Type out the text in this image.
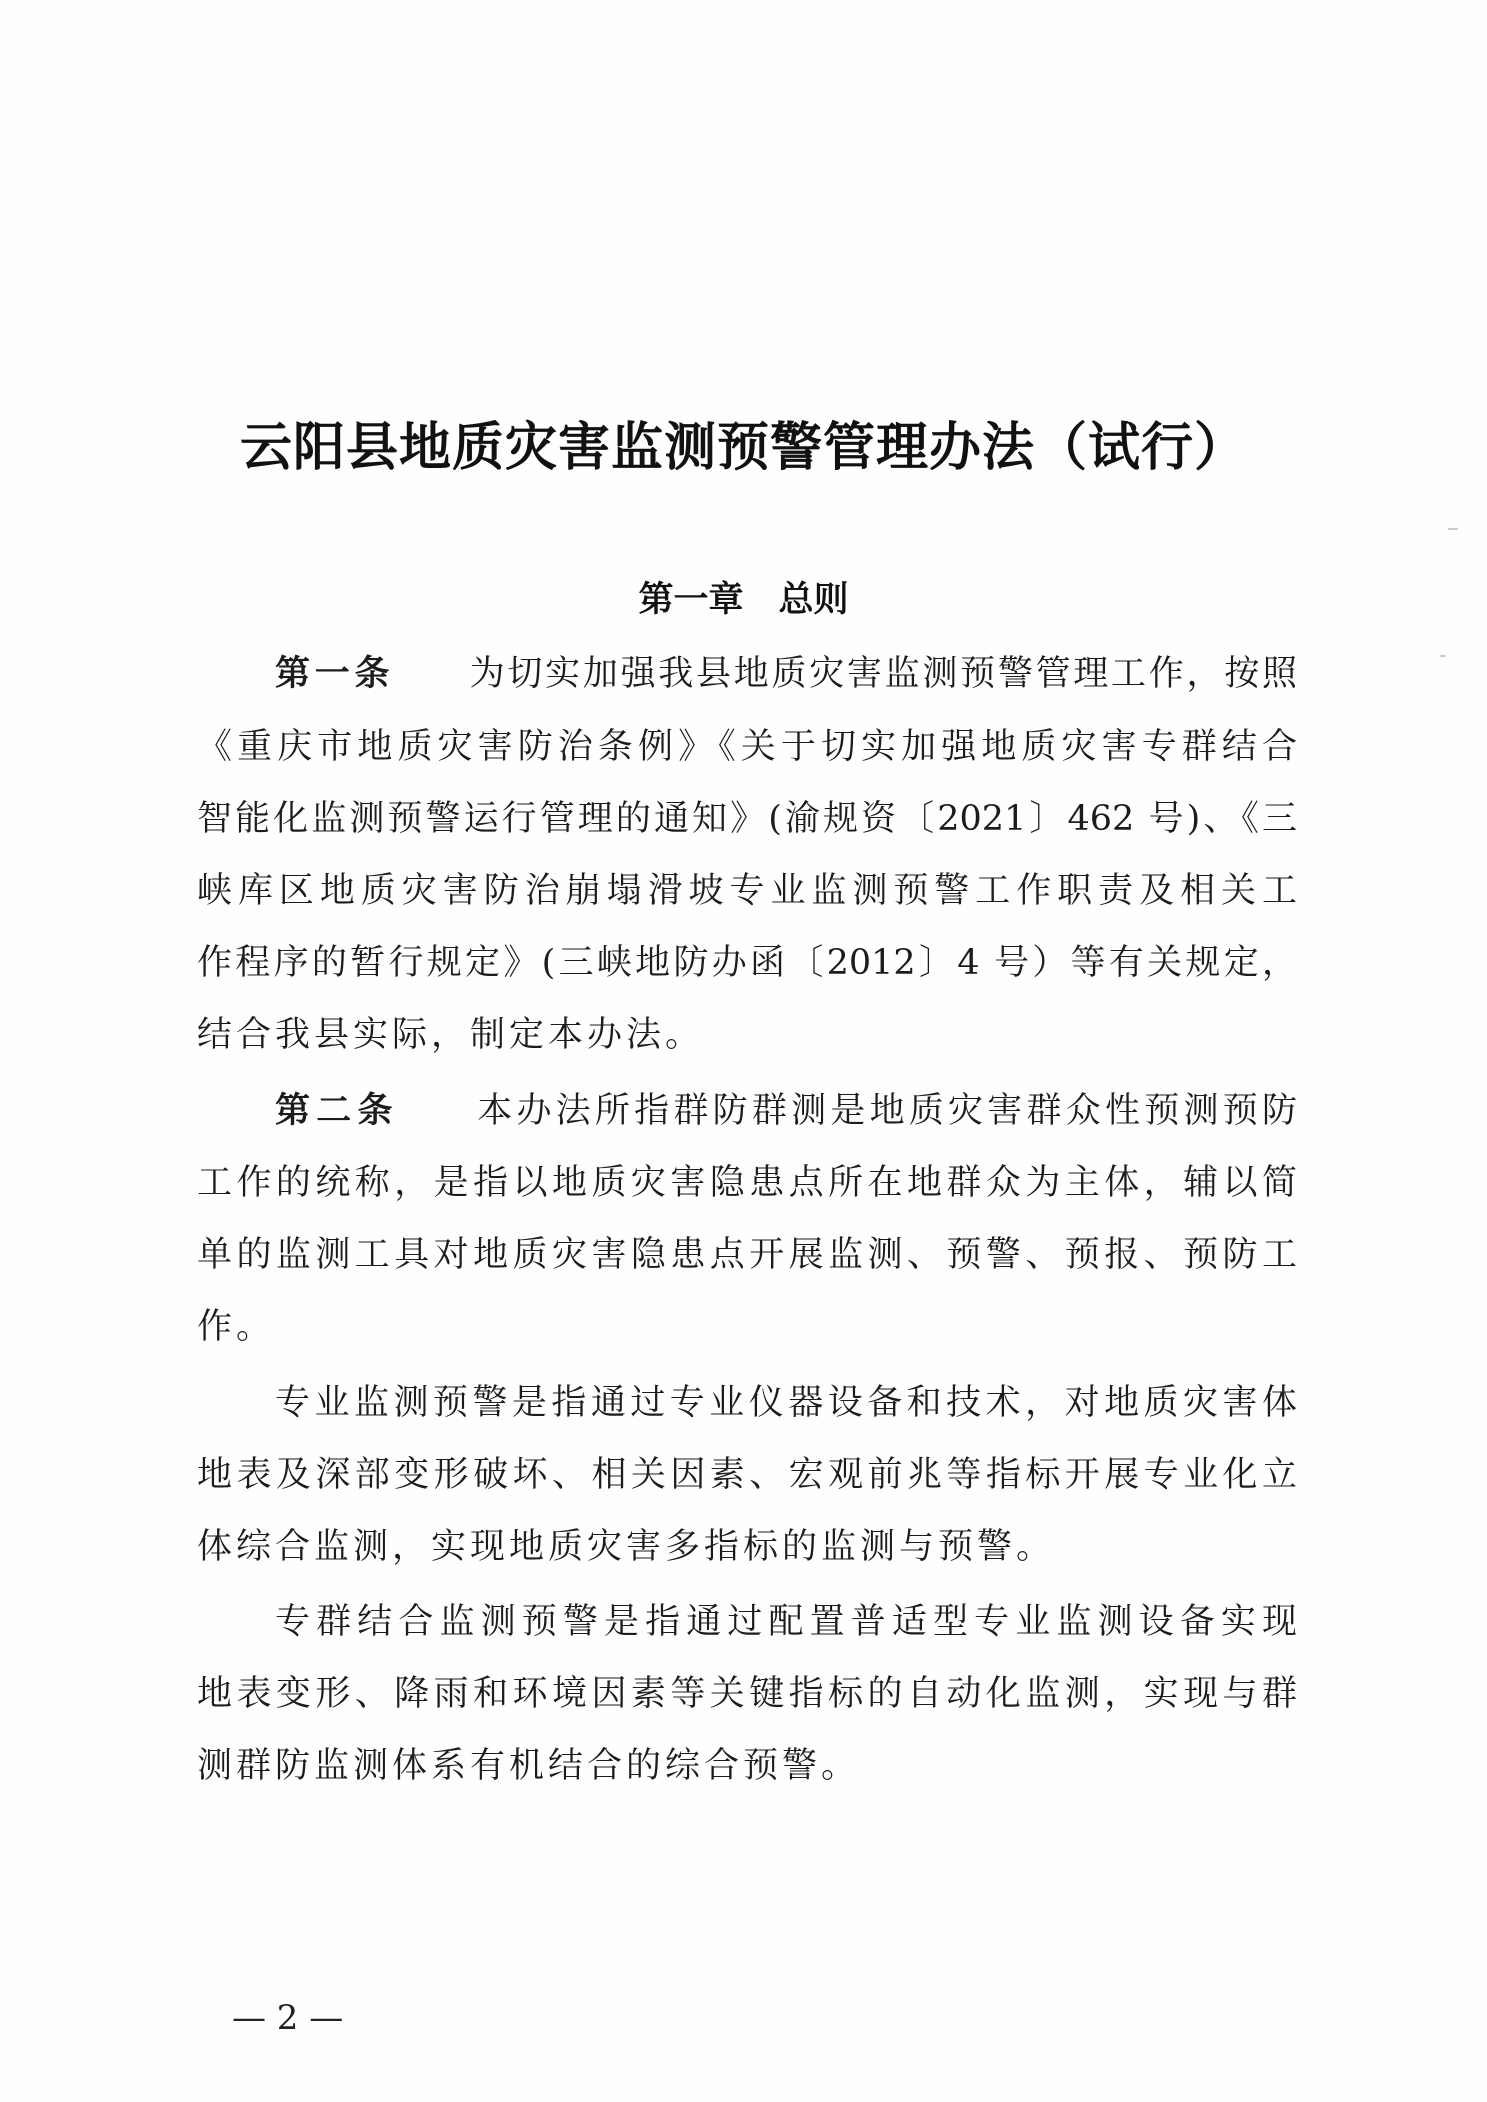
云阳县地质灾害监测预警管理办法（试行）
第一章　总则
第一条　　 为切实加强我县地质灾害监测预警管理工作，按照
《重庆市地质灾害防治条例》《关于切实加强地质灾害专群结合
智能化监测预警运行管理的通知》(渝规资〔2021〕462 号)、《三
峡库区地质灾害防治崩塌滑坡专业监测预警工作职责及相关工
作程序的暂行规定》(三峡地防办函〔2012〕4 号）等有关规定，
结合我县实际，制定本办法。
第二条　　 本办法所指群防群测是地质灾害群众性预测预防
工作的统称，是指以地质灾害隐患点所在地群众为主体，辅以简
单的监测工具对地质灾害隐患点开展监测、预警、预报、预防工
作。
专业监测预警是指通过专业仪器设备和技术，对地质灾害体
地表及深部变形破坏、相关因素、宏观前兆等指标开展专业化立
体综合监测，实现地质灾害多指标的监测与预警。
专群结合监测预警是指通过配置普适型专业监测设备实现
地表变形、降雨和环境因素等关键指标的自动化监测，实现与群
测群防监测体系有机结合的综合预警。
— 2 —
